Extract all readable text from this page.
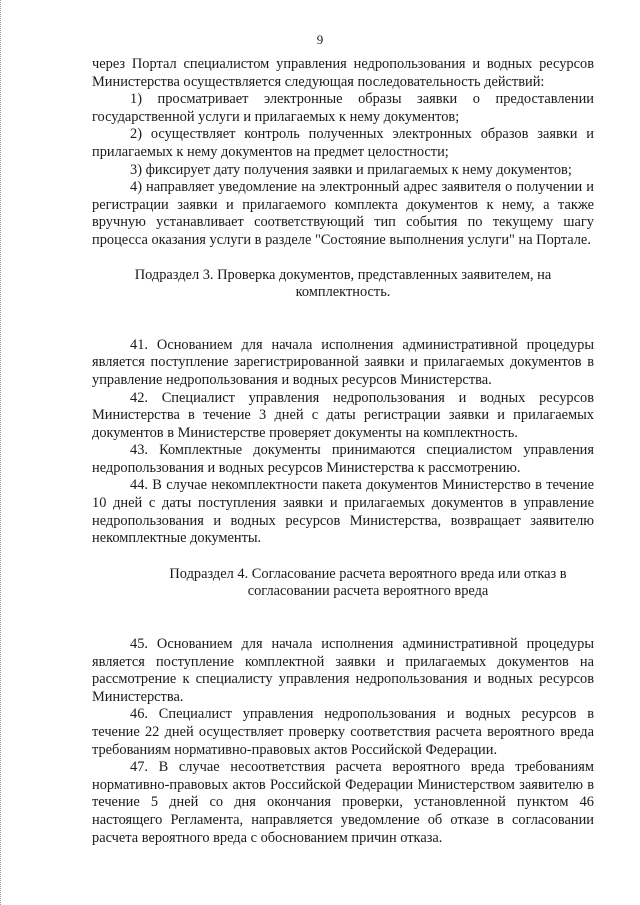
9

через Портал специалистом управления недропользования и водных ресурсов Министерства осуществляется следующая последовательность действий:

1) просматривает электронные образы заявки о предоставлении государственной услуги и прилагаемых к нему документов;

2) осуществляет контроль полученных электронных образов заявки и прилагаемых к нему документов на предмет целостности;

3) фиксирует дату получения заявки и прилагаемых к нему документов;

4) направляет уведомление на электронный адрес заявителя о получении и регистрации заявки и прилагаемого комплекта документов к нему, а также вручную устанавливает соответствующий тип события по текущему шагу процесса оказания услуги в разделе "Состояние выполнения услуги" на Портале.

Подраздел 3. Проверка документов, представленных заявителем, на комплектность.

41. Основанием для начала исполнения административной процедуры является поступление зарегистрированной заявки и прилагаемых документов в управление недропользования и водных ресурсов Министерства.

42. Специалист управления недропользования и водных ресурсов Министерства в течение 3 дней с даты регистрации заявки и прилагаемых документов в Министерстве проверяет документы на комплектность.

43. Комплектные документы принимаются специалистом управления недропользования и водных ресурсов Министерства к рассмотрению.

44. В случае некомплектности пакета документов Министерство в течение 10 дней с даты поступления заявки и прилагаемых документов в управление недропользования и водных ресурсов Министерства, возвращает заявителю некомплектные документы.

Подраздел 4. Согласование расчета вероятного вреда или отказ в согласовании расчета вероятного вреда

45. Основанием для начала исполнения административной процедуры является поступление комплектной заявки и прилагаемых документов на рассмотрение к специалисту управления недропользования и водных ресурсов Министерства.

46. Специалист управления недропользования и водных ресурсов в течение 22 дней осуществляет проверку соответствия расчета вероятного вреда требованиям нормативно-правовых актов Российской Федерации.

47. В случае несоответствия расчета вероятного вреда требованиям нормативно-правовых актов Российской Федерации Министерством заявителю в течение 5 дней со дня окончания проверки, установленной пунктом 46 настоящего Регламента, направляется уведомление об отказе в согласовании расчета вероятного вреда с обоснованием причин отказа.
